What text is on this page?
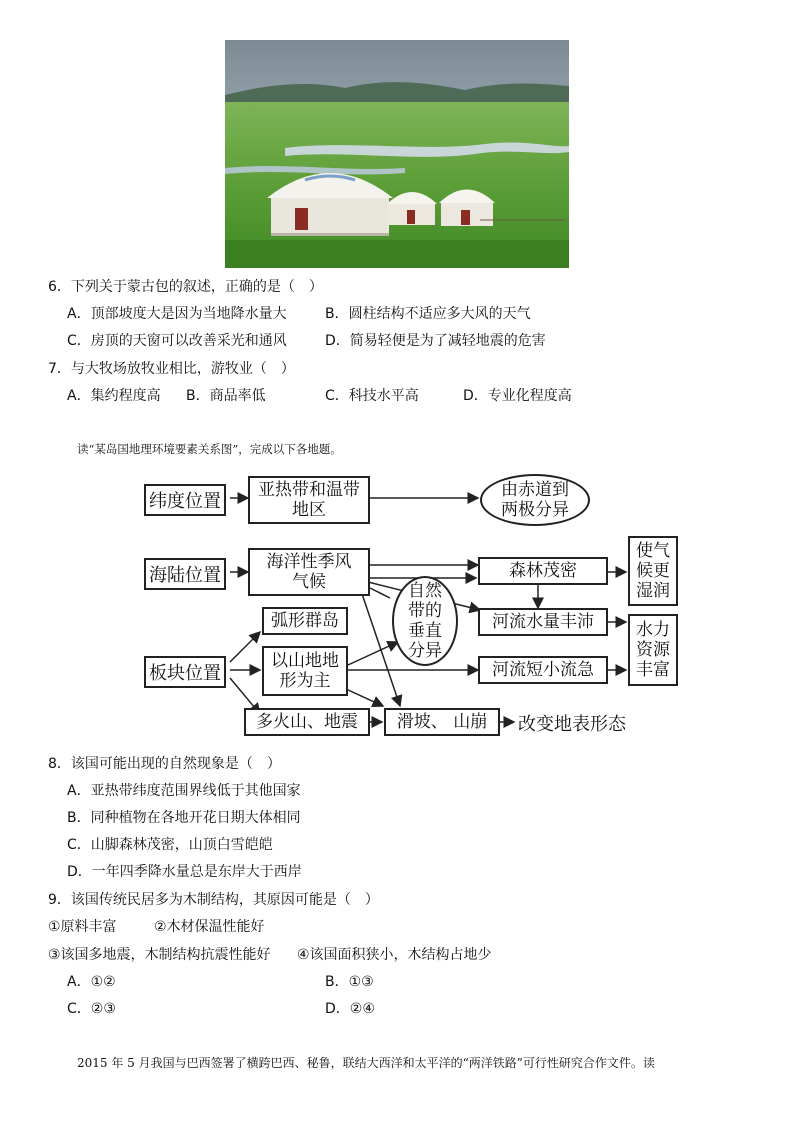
6．下列关于蒙古包的叙述，正确的是（　）
A．顶部坡度大是因为当地降水量大	B．圆柱结构不适应多大风的天气
C．房顶的天窗可以改善采光和通风	D．简易轻便是为了减轻地震的危害
7．与大牧场放牧业相比，游牧业（　）
A．集约程度高 B．商品率低	C．科技水平高	D．专业化程度高
读“某岛国地理环境要素关系图”，完成以下各地题。
纬度位置
亚热带和温带
地区
由赤道到
两极分异
海陆位置
海洋性季风
气候
森林茂密
使气候更湿润
弧形群岛
自然带的垂直分异
河流水量丰沛	水力资源丰富
板块位置
以山地地
形为主
河流短小流急
多火山、地震	滑坡、 山崩	改变地表形态
8．该国可能出现的自然现象是（　）
A．亚热带纬度范围界线低于其他国家
B．同种植物在各地开花日期大体相同
C．山脚森林茂密，山顶白雪皑皑
D．一年四季降水量总是东岸大于西岸
9．该国传统民居多为木制结构，其原因可能是（　）
①原料丰富	②木材保温性能好
③该国多地震，木制结构抗震性能好 ④该国面积狭小，木结构占地少
A．①②	B．①③
C．②③	D．②④
2015 年 5 月我国与巴西签署了横跨巴西、秘鲁，联结大西洋和太平洋的“两洋铁路”可行性研究合作文件。读
